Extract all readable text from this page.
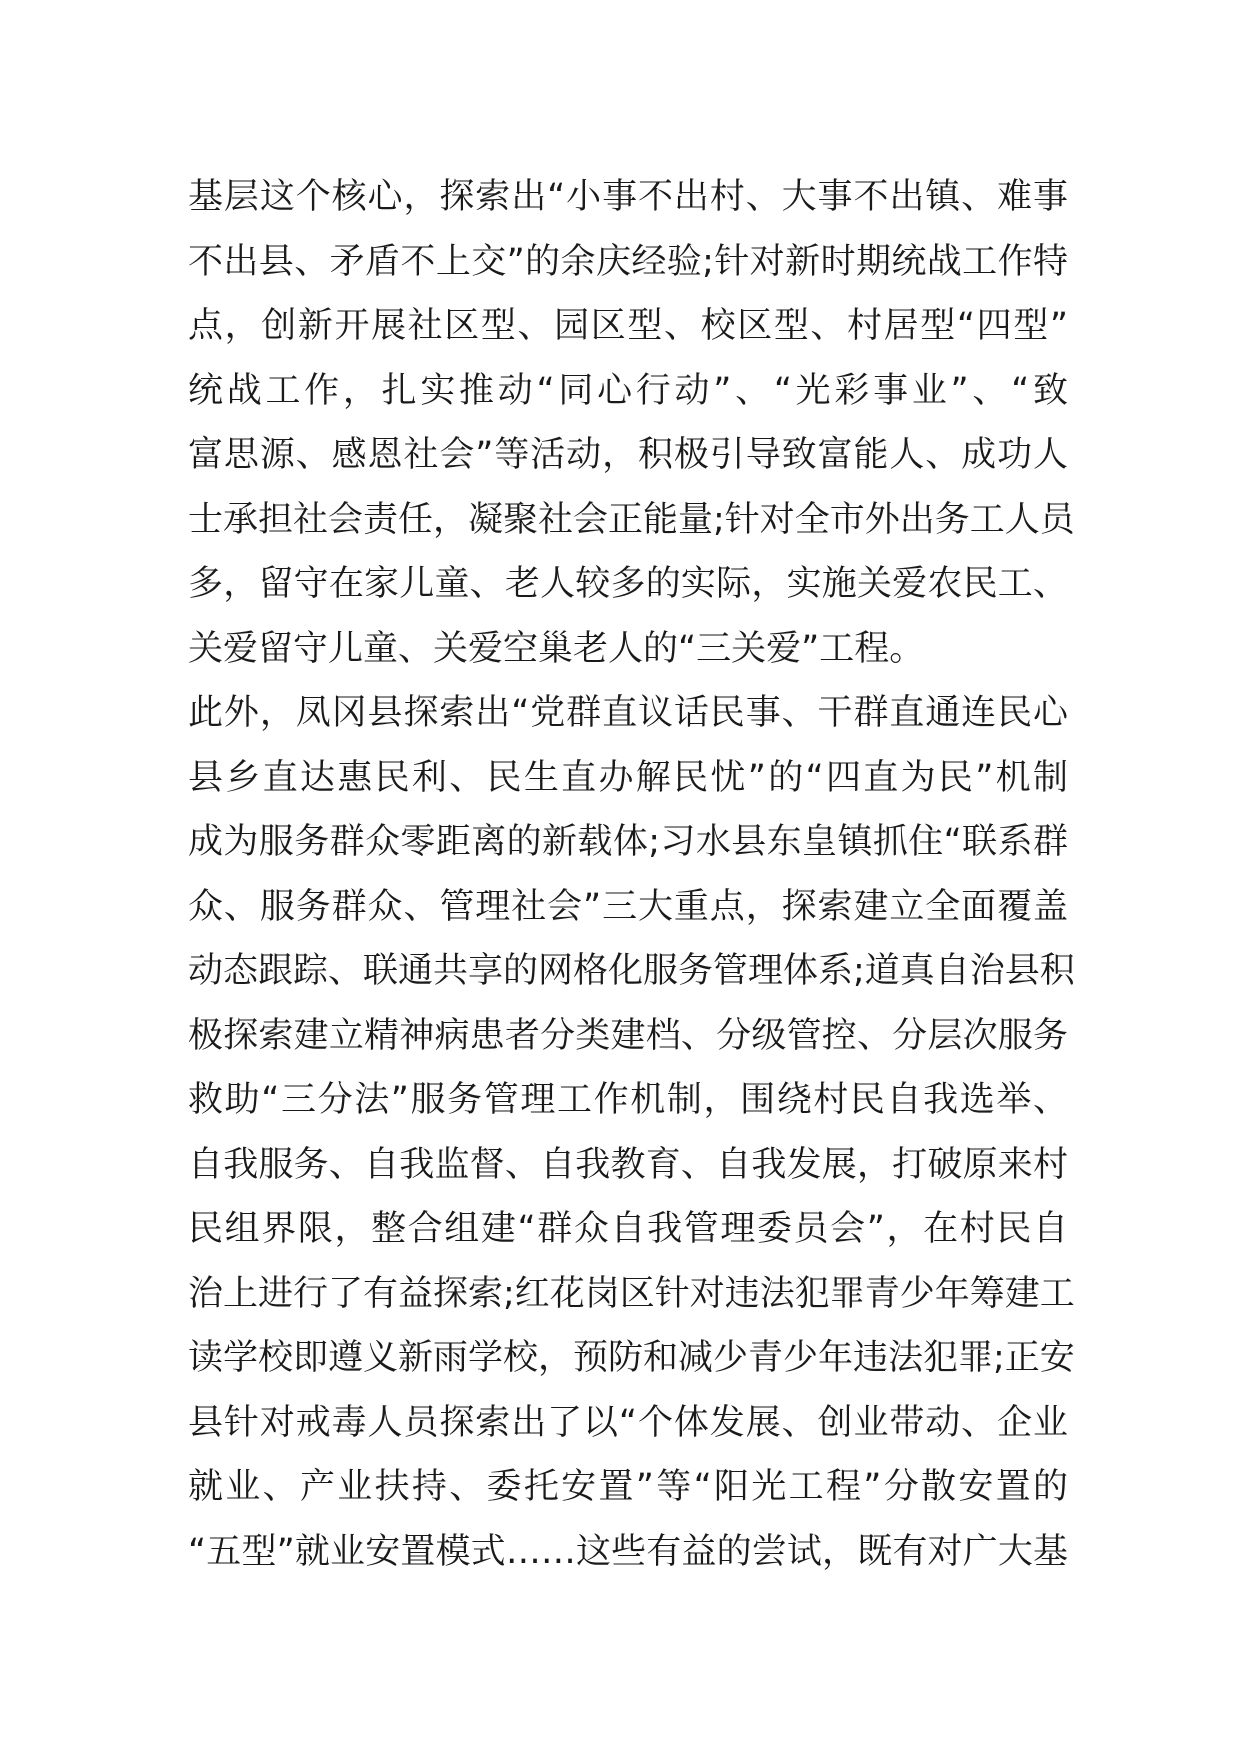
基层这个核心，探索出“小事不出村、大事不出镇、难事
不出县、矛盾不上交”的余庆经验;针对新时期统战工作特
点，创新开展社区型、园区型、校区型、村居型“四型”
统战工作，扎实推动“同心行动”、“光彩事业”、“致
富思源、感恩社会”等活动，积极引导致富能人、成功人
士承担社会责任，凝聚社会正能量;针对全市外出务工人员
多，留守在家儿童、老人较多的实际，实施关爱农民工、
关爱留守儿童、关爱空巢老人的“三关爱”工程。
此外，凤冈县探索出“党群直议话民事、干群直通连民心
县乡直达惠民利、民生直办解民忧”的“四直为民”机制
成为服务群众零距离的新载体;习水县东皇镇抓住“联系群
众、服务群众、管理社会”三大重点，探索建立全面覆盖
动态跟踪、联通共享的网格化服务管理体系;道真自治县积
极探索建立精神病患者分类建档、分级管控、分层次服务
救助“三分法”服务管理工作机制，围绕村民自我选举、
自我服务、自我监督、自我教育、自我发展，打破原来村
民组界限，整合组建“群众自我管理委员会”，在村民自
治上进行了有益探索;红花岗区针对违法犯罪青少年筹建工
读学校即遵义新雨学校，预防和减少青少年违法犯罪;正安
县针对戒毒人员探索出了以“个体发展、创业带动、企业
就业、产业扶持、委托安置”等“阳光工程”分散安置的
“五型”就业安置模式……这些有益的尝试，既有对广大基
